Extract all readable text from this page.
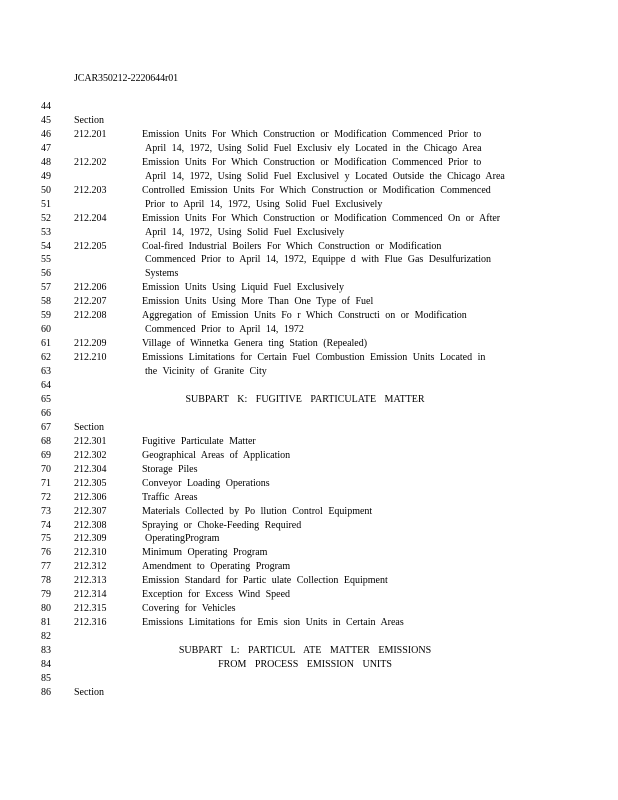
JCAR350212-2220644r01
44
45	Section
46	212.201	Emission Units For Which Construction or Modification Commenced Prior to
47	April 14, 1972, Using Solid Fuel Exclusiv ely Located in the Chicago Area
48	212.202	Emission Units For Which Construction or Modification Commenced Prior to
49	April 14, 1972, Using Solid Fuel Exclusivel y Located Outside the Chicago Area
50	212.203	Controlled Emission Units For Which Construction or Modification Commenced
51	Prior to April 14, 1972, Using Solid Fuel Exclusively
52	212.204	Emission Units For Which Construction or Modification Commenced On or After
53	April 14, 1972, Using Solid Fuel Exclusively
54	212.205	Coal-fired Industrial Boilers For Which Construction or Modification
55	Commenced Prior to April 14, 1972, Equippe d with Flue Gas Desulfurization
56	Systems
57	212.206	Emission Units Using Liquid Fuel Exclusively
58	212.207	Emission Units Using More Than One Type of Fuel
59	212.208	Aggregation of Emission Units Fo r Which Constructi on or Modification
60	Commenced Prior to April 14, 1972
61	212.209	Village of Winnetka Genera ting Station (Repealed)
62	212.210	Emissions Limitations for Certain Fuel Combustion Emission Units Located in
63	the Vicinity of Granite City
64
65	SUBPART K: FUGITIVE PARTICULATE MATTER
66
67	Section
68	212.301	Fugitive Particulate Matter
69	212.302	Geographical Areas of Application
70	212.304	Storage Piles
71	212.305	Conveyor Loading Operations
72	212.306	Traffic Areas
73	212.307	Materials Collected by Po llution Control Equipment
74	212.308	Spraying or Choke-Feeding Required
75	212.309	OperatingProgram
76	212.310	Minimum Operating Program
77	212.312	Amendment to Operating Program
78	212.313	Emission Standard for Partic ulate Collection Equipment
79	212.314	Exception for Excess Wind Speed
80	212.315	Covering for Vehicles
81	212.316	Emissions Limitations for Emis sion Units in Certain Areas
82
83	SUBPART L: PARTICUL ATE MATTER EMISSIONS
84	FROM PROCESS EMISSION UNITS
85
86	Section
